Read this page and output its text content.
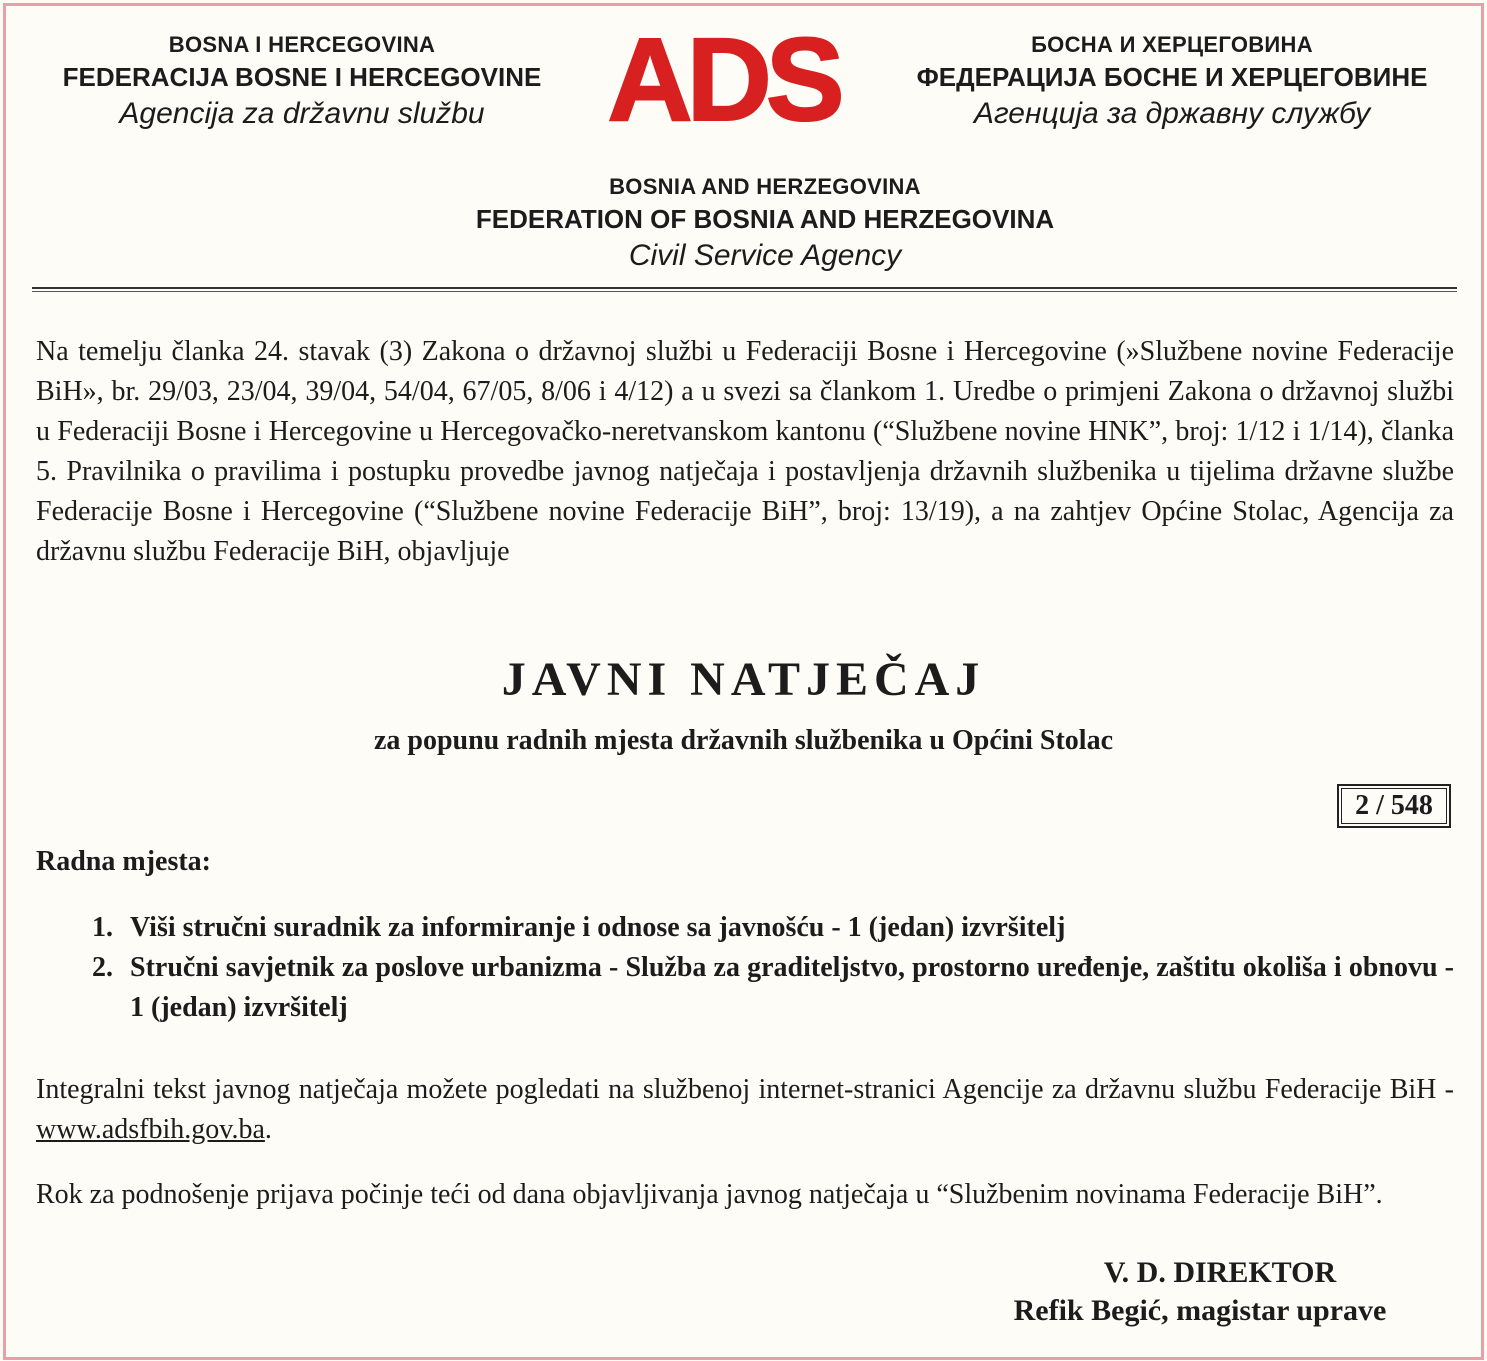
BOSNA I HERCEGOVINA
FEDERACIJA BOSNE I HERCEGOVINE
Agencija za državnu službu	ADS	БОСНА И ХЕРЦЕГОВИНА
ФЕДЕРАЦИЈА БОСНЕ И ХЕРЦЕГОВИНЕ
Агенција за државну службу
BOSNIA AND HERZEGOVINA
FEDERATION OF BOSNIA AND HERZEGOVINA
Civil Service Agency
Na temelju članka 24. stavak (3) Zakona o državnoj službi u Federaciji Bosne i Hercegovine (»Službene novine Federacije BiH», br. 29/03, 23/04, 39/04, 54/04, 67/05, 8/06 i 4/12) a u svezi sa člankom 1. Uredbe o primjeni Zakona o državnoj službi u Federaciji Bosne i Hercegovine u Hercegovačko-neretvanskom kantonu (“Službene novine HNK”, broj: 1/12 i 1/14), članka 5. Pravilnika o pravilima i postupku provedbe javnog natječaja i postavljenja državnih službenika u tijelima državne službe Federacije Bosne i Hercegovine (“Službene novine Federacije BiH”, broj: 13/19), a na zahtjev Općine Stolac, Agencija za državnu službu Federacije BiH, objavljuje
JAVNI NATJEČAJ
za popunu radnih mjesta državnih službenika u Općini Stolac
2 / 548
Radna mjesta:
1. Viši stručni suradnik za informiranje i odnose sa javnošću - 1 (jedan) izvršitelj
2. Stručni savjetnik za poslove urbanizma - Služba za graditeljstvo, prostorno uređenje, zaštitu okoliša i obnovu - 1 (jedan) izvršitelj
Integralni tekst javnog natječaja možete pogledati na službenoj internet-stranici Agencije za državnu službu Federacije BiH - www.adsfbih.gov.ba.
Rok za podnošenje prijava počinje teći od dana objavljivanja javnog natječaja u “Službenim novinama Federacije BiH”.
V. D. DIREKTOR
Refik Begić, magistar uprave
